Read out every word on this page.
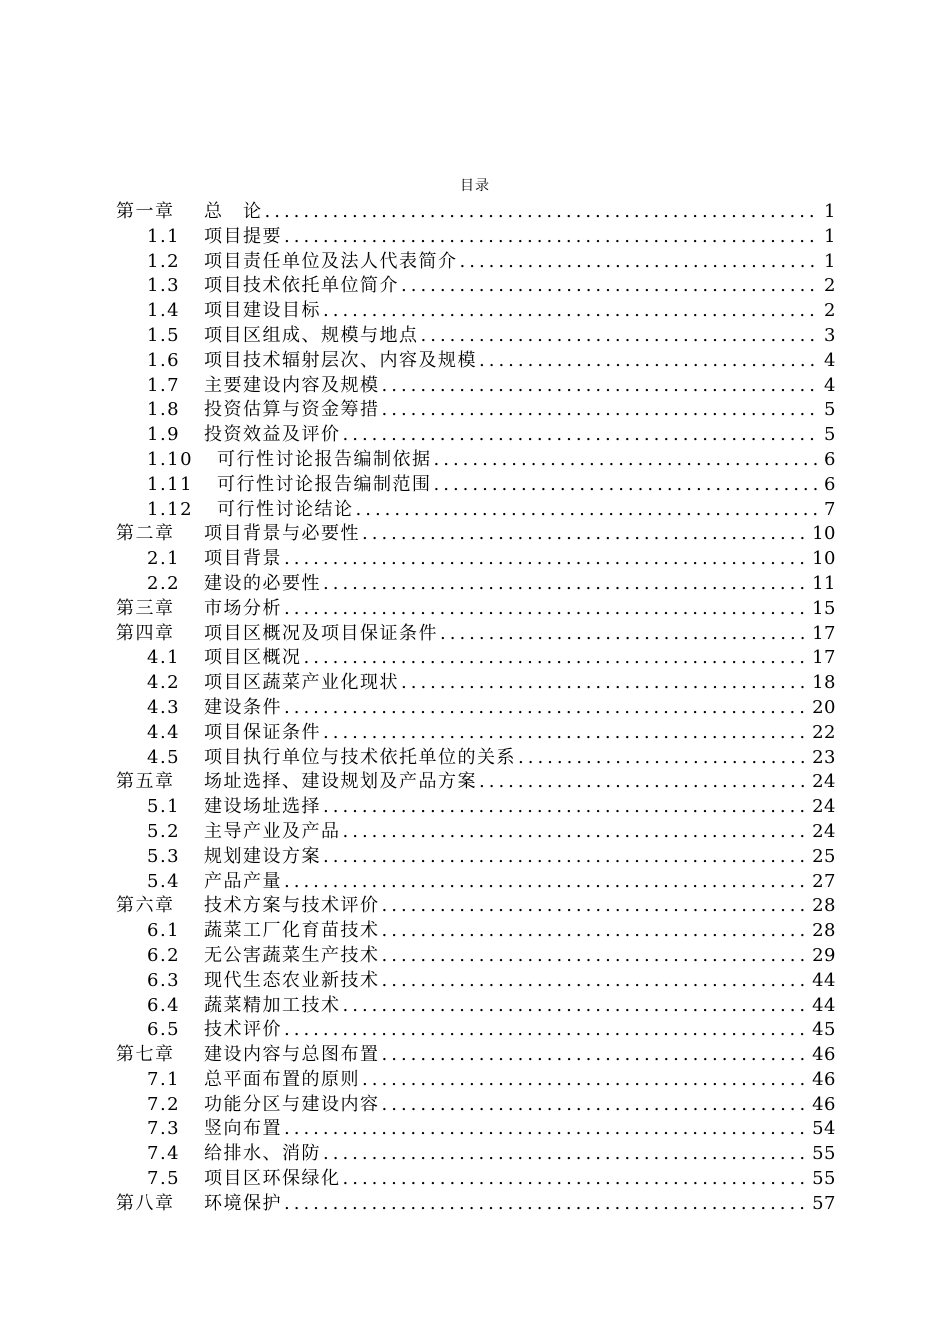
目录
第一章	总　论 .....	1
1.1	项目提要 .....	1
1.2	项目责任单位及法人代表简介 .....	1
1.3	项目技术依托单位简介 .....	2
1.4	项目建设目标 .....	2
1.5	项目区组成、规模与地点 .....	3
1.6	项目技术辐射层次、内容及规模 .....	4
1.7	主要建设内容及规模 .....	4
1.8	投资估算与资金筹措 .....	5
1.9	投资效益及评价 .....	5
1.10	可行性讨论报告编制依据 .....	6
1.11	可行性讨论报告编制范围 .....	6
1.12	可行性讨论结论 .....	7
第二章	项目背景与必要性 .....	10
2.1	项目背景 .....	10
2.2	建设的必要性 .....	11
第三章	市场分析 .....	15
第四章	项目区概况及项目保证条件 .....	17
4.1	项目区概况 .....	17
4.2	项目区蔬菜产业化现状 .....	18
4.3	建设条件 .....	20
4.4	项目保证条件 .....	22
4.5	项目执行单位与技术依托单位的关系 .....	23
第五章	场址选择、建设规划及产品方案 .....	24
5.1	建设场址选择 .....	24
5.2	主导产业及产品 .....	24
5.3	规划建设方案 .....	25
5.4	产品产量 .....	27
第六章	技术方案与技术评价 .....	28
6.1	蔬菜工厂化育苗技术 .....	28
6.2	无公害蔬菜生产技术 .....	29
6.3	现代生态农业新技术 .....	44
6.4	蔬菜精加工技术 .....	44
6.5	技术评价 .....	45
第七章	建设内容与总图布置 .....	46
7.1	总平面布置的原则 .....	46
7.2	功能分区与建设内容 .....	46
7.3	竖向布置 .....	54
7.4	给排水、消防 .....	55
7.5	项目区环保绿化 .....	55
第八章	环境保护 .....	57
